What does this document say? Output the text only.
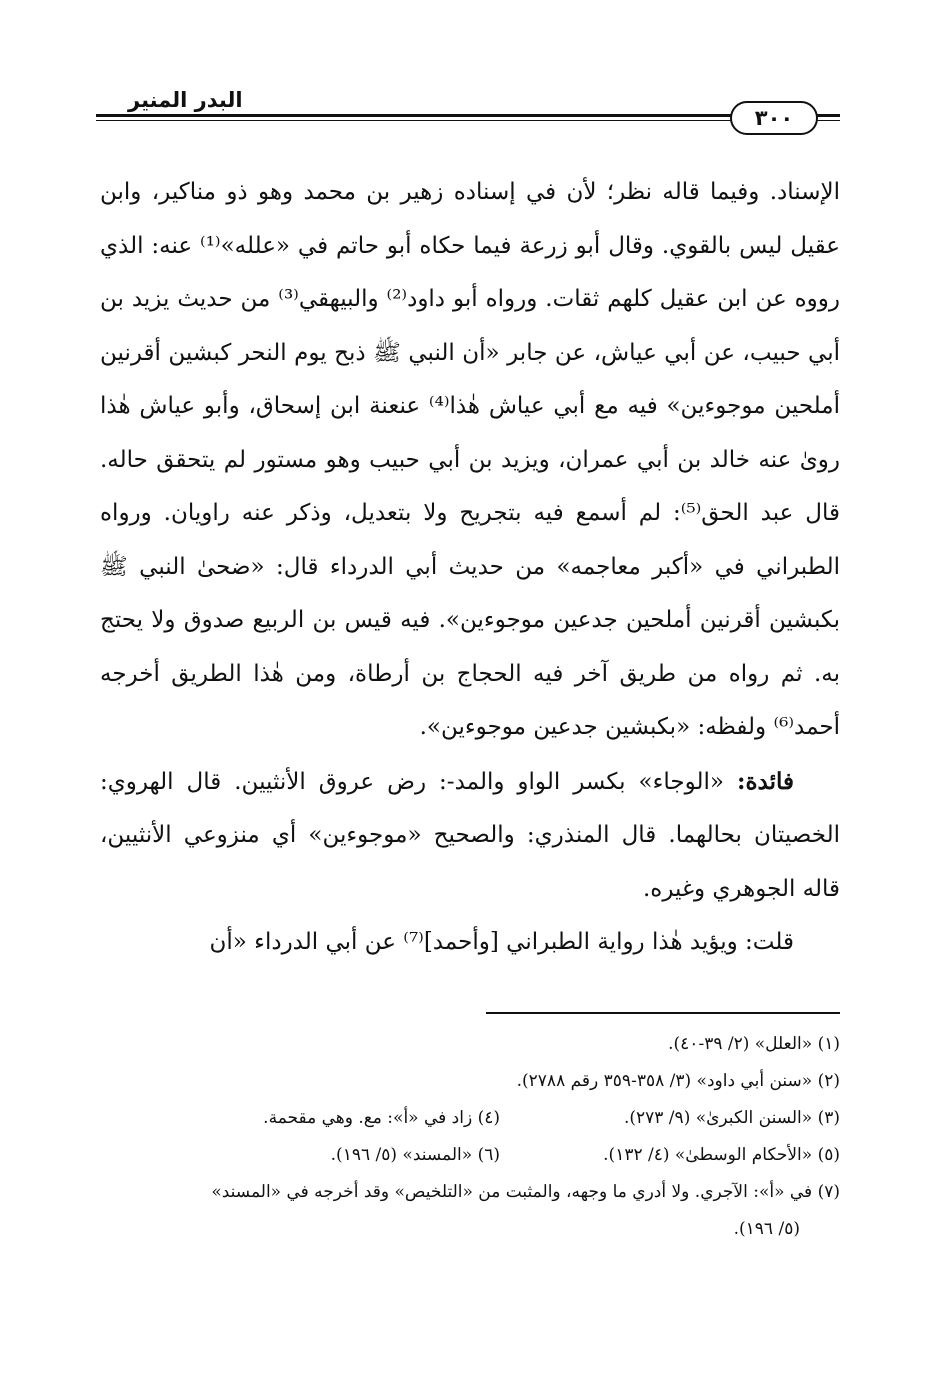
البدر المنير
٣٠٠

الإسناد. وفيما قاله نظر؛ لأن في إسناده زهير بن محمد وهو ذو مناكير، وابن عقيل ليس بالقوي. وقال أبو زرعة فيما حكاه أبو حاتم في «علله»⁽¹⁾ عنه: الذي رووه عن ابن عقيل كلهم ثقات. ورواه أبو داود⁽²⁾ والبيهقي⁽³⁾ من حديث يزيد بن أبي حبيب، عن أبي عياش، عن جابر «أن النبي ﷺ ذبح يوم النحر كبشين أقرنين أملحين موجوءين» فيه مع أبي عياش هٰذا⁽⁴⁾ عنعنة ابن إسحاق، وأبو عياش هٰذا روىٰ عنه خالد بن أبي عمران، ويزيد بن أبي حبيب وهو مستور لم يتحقق حاله. قال عبد الحق⁽⁵⁾: لم أسمع فيه بتجريح ولا بتعديل، وذكر عنه راويان. ورواه الطبراني في «أكبر معاجمه» من حديث أبي الدرداء قال: «ضحىٰ النبي ﷺ بكبشين أقرنين أملحين جدعين موجوءين». فيه قيس بن الربيع صدوق ولا يحتج به. ثم رواه من طريق آخر فيه الحجاج بن أرطاة، ومن هٰذا الطريق أخرجه أحمد⁽⁶⁾ ولفظه: «بكبشين جدعين موجوءين».

فائدة: «الوجاء» بكسر الواو والمد-: رض عروق الأنثيين. قال الهروي: الخصيتان بحالهما. قال المنذري: والصحيح «موجوءين» أي منزوعي الأنثيين، قاله الجوهري وغيره.

قلت: ويؤيد هٰذا رواية الطبراني [وأحمد]⁽⁷⁾ عن أبي الدرداء «أن

(١) «العلل» (٢/ ٣٩-٤٠).
(٢) «سنن أبي داود» (٣/ ٣٥٨-٣٥٩ رقم ٢٧٨٨).
(٣) «السنن الكبرىٰ» (٩/ ٢٧٣).
(٤) زاد في «أ»: مع. وهي مقحمة.
(٥) «الأحكام الوسطىٰ» (٤/ ١٣٢).
(٦) «المسند» (٥/ ١٩٦).
(٧) في «أ»: الآجري. ولا أدري ما وجهه، والمثبت من «التلخيص» وقد أخرجه في «المسند»
(٥/ ١٩٦).
